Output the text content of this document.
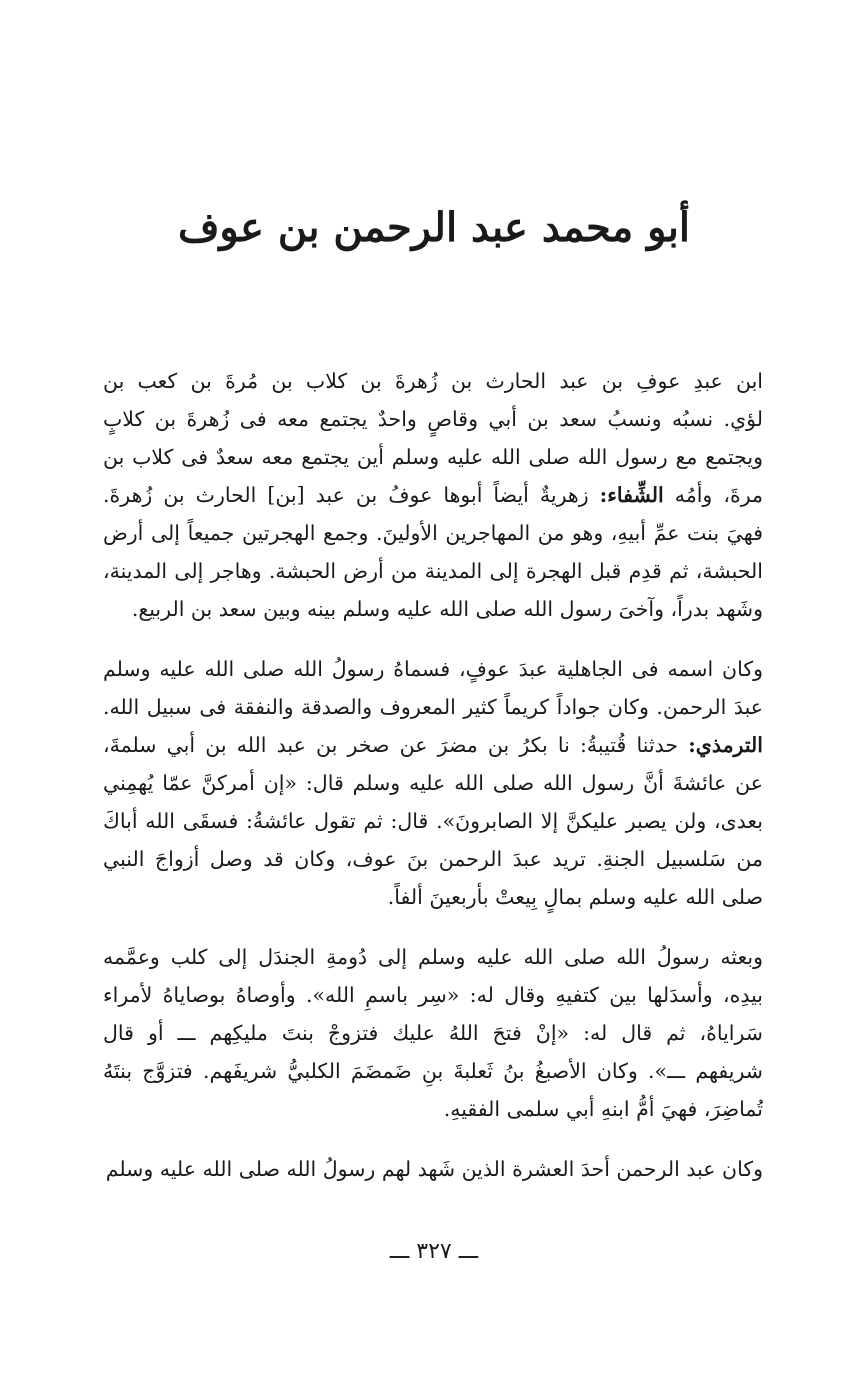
أبو محمد عبد الرحمن بن عوف
ابن عبدِ عوفِ بن عبد الحارث بن زُهرةَ بن كلاب بن مُرةَ بن كعب بن
لؤي. نسبُه ونسبُ سعد بن أبي وقاصٍ واحدٌ يجتمع معه فى زُهرةَ بن كلابٍ
ويجتمع مع رسول الله صلى الله عليه وسلم أين يجتمع معه سعدٌ فى كلاب بن
مرةَ، وأمُه الشِّفاء: زهريةٌ أيضاً أبوها عوفُ بن عبد [بن] الحارث بن زُهرةَ.
فهيَ بنت عمِّ أبيهِ، وهو من المهاجرين الأولينَ. وجمع الهجرتين جميعاً إلى أرض
الحبشة، ثم قدِم قبل الهجرة إلى المدينة من أرض الحبشة. وهاجر إلى المدينة،
وشَهد بدراً، وآخىَ رسول الله صلى الله عليه وسلم بينه وبين سعد بن الربيع.
وكان اسمه فى الجاهلية عبدَ عوفٍ، فسماهُ رسولُ الله صلى الله عليه وسلم
عبدَ الرحمن. وكان جواداً كريماً كثير المعروف والصدقة والنفقة فى سبيل الله.
الترمذي: حدثنا قُتيبةُ: نا بكرُ بن مضرَ عن صخر بن عبد الله بن أبي سلمةَ،
عن عائشةَ أنَّ رسول الله صلى الله عليه وسلم قال: «إن أمركنَّ عمّا يُهمِني
بعدى، ولن يصبر عليكنَّ إلا الصابرونَ». قال: ثم تقول عائشةُ: فسقَى الله أباكَ
من سَلسبيل الجنةِ. تريد عبدَ الرحمن بنَ عوف، وكان قد وصل أزواجَ النبي
صلى الله عليه وسلم بمالٍ بِيعتْ بأربعينَ ألفاً.
وبعثه رسولُ الله صلى الله عليه وسلم إلى دُومةِ الجندَل إلى كلب وعمَّمه
بيدِه، وأسدَلها بين كتفيهِ وقال له: «سِر باسمِ الله». وأوصاهُ بوصاياهُ لأمراء
سَراياهُ، ثم قال له: «إنْ فتحَ اللهُ عليك فتزوجْ بنتَ مليكِهم ـــ أو قال
شريفهم ـــ». وكان الأصبغُ بنُ ثَعلبةَ بنِ ضَمضَمَ الكلبيُّ شريفَهم. فتزوَّج بنتَهُ
تُماضِرَ، فهيَ أمُّ ابنهِ أبي سلمى الفقيهِ.
وكان عبد الرحمن أحدَ العشرة الذين شَهد لهم رسولُ الله صلى الله عليه وسلم
ـــ ٣٢٧ ـــ
